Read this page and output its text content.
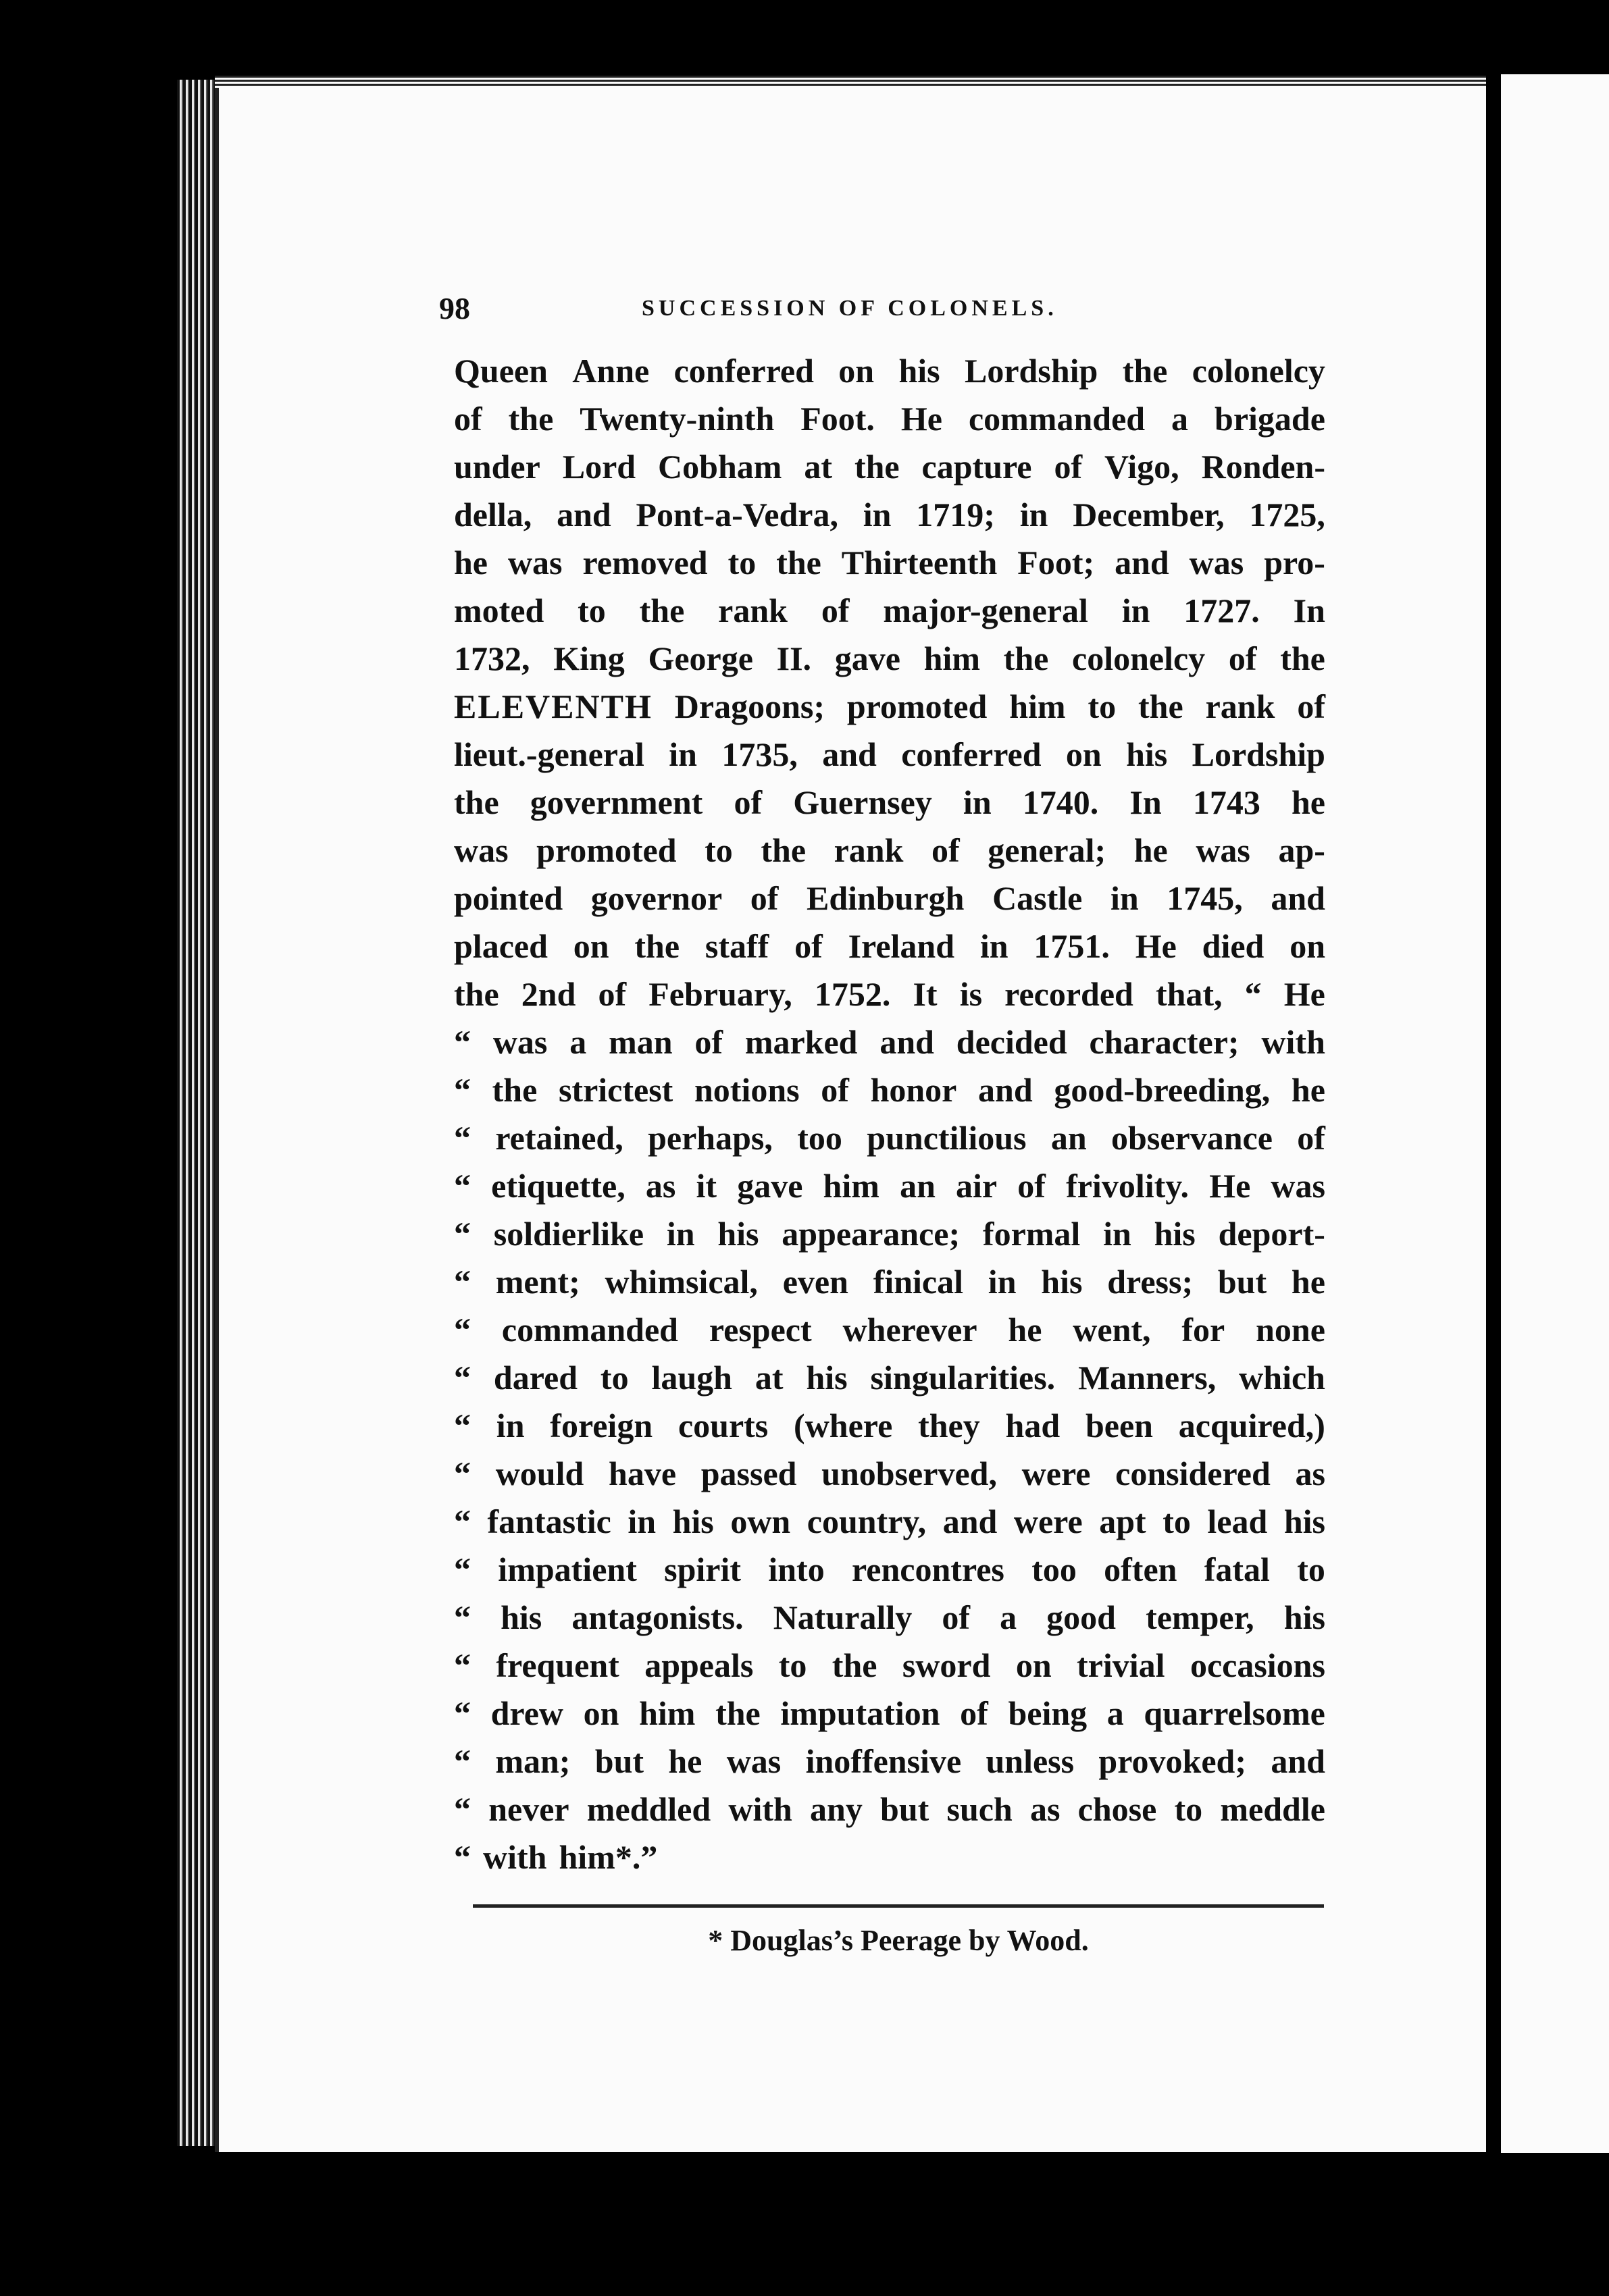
98	SUCCESSION OF COLONELS.
Queen Anne conferred on his Lordship the colonelcy
of the Twenty-ninth Foot. He commanded a brigade
under Lord Cobham at the capture of Vigo, Ronden-
della, and Pont-a-Vedra, in 1719; in December, 1725,
he was removed to the Thirteenth Foot; and was pro-
moted to the rank of major-general in 1727. In
1732, King George II. gave him the colonelcy of the
ELEVENTH Dragoons; promoted him to the rank of
lieut.-general in 1735, and conferred on his Lordship
the government of Guernsey in 1740. In 1743 he
was promoted to the rank of general; he was ap-
pointed governor of Edinburgh Castle in 1745, and
placed on the staff of Ireland in 1751. He died on
the 2nd of February, 1752. It is recorded that, “ He
“ was a man of marked and decided character; with
“ the strictest notions of honor and good-breeding, he
“ retained, perhaps, too punctilious an observance of
“ etiquette, as it gave him an air of frivolity. He was
“ soldierlike in his appearance; formal in his deport-
“ ment; whimsical, even finical in his dress; but he
“ commanded respect wherever he went, for none
“ dared to laugh at his singularities. Manners, which
“ in foreign courts (where they had been acquired,)
“ would have passed unobserved, were considered as
“ fantastic in his own country, and were apt to lead his
“ impatient spirit into rencontres too often fatal to
“ his antagonists. Naturally of a good temper, his
“ frequent appeals to the sword on trivial occasions
“ drew on him the imputation of being a quarrelsome
“ man; but he was inoffensive unless provoked; and
“ never meddled with any but such as chose to meddle
“ with him*.”
* Douglas’s Peerage by Wood.
